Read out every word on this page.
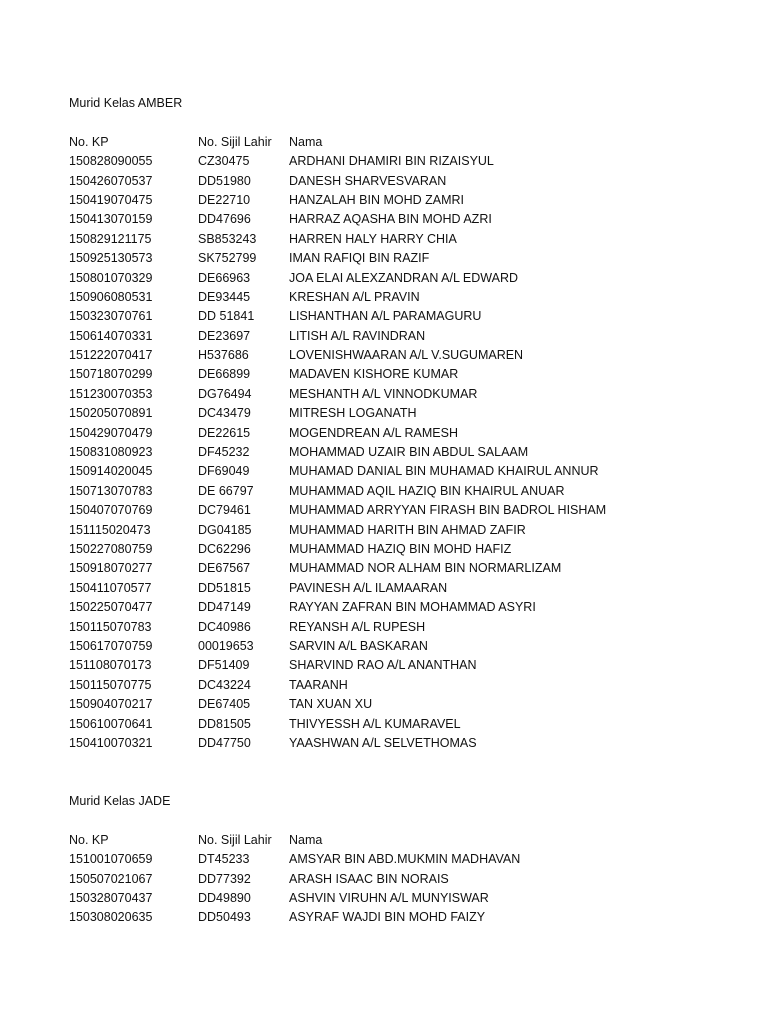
Murid Kelas AMBER
No. KP	No. Sijil Lahir	Nama
150828090055	CZ30475	ARDHANI DHAMIRI BIN RIZAISYUL
150426070537	DD51980	DANESH SHARVESVARAN
150419070475	DE22710	HANZALAH BIN MOHD ZAMRI
150413070159	DD47696	HARRAZ AQASHA BIN MOHD AZRI
150829121175	SB853243	HARREN HALY HARRY CHIA
150925130573	SK752799	IMAN RAFIQI BIN RAZIF
150801070329	DE66963	JOA ELAI ALEXZANDRAN A/L EDWARD
150906080531	DE93445	KRESHAN A/L PRAVIN
150323070761	DD 51841	LISHANTHAN A/L PARAMAGURU
150614070331	DE23697	LITISH A/L RAVINDRAN
151222070417	H537686	LOVENISHWAARAN A/L V.SUGUMAREN
150718070299	DE66899	MADAVEN KISHORE KUMAR
151230070353	DG76494	MESHANTH A/L VINNODKUMAR
150205070891	DC43479	MITRESH LOGANATH
150429070479	DE22615	MOGENDREAN A/L RAMESH
150831080923	DF45232	MOHAMMAD UZAIR BIN ABDUL SALAAM
150914020045	DF69049	MUHAMAD DANIAL BIN MUHAMAD KHAIRUL ANNUR
150713070783	DE 66797	MUHAMMAD AQIL HAZIQ BIN KHAIRUL ANUAR
150407070769	DC79461	MUHAMMAD ARRYYAN FIRASH BIN BADROL HISHAM
151115020473	DG04185	MUHAMMAD HARITH BIN AHMAD ZAFIR
150227080759	DC62296	MUHAMMAD HAZIQ BIN MOHD HAFIZ
150918070277	DE67567	MUHAMMAD NOR ALHAM BIN NORMARLIZAM
150411070577	DD51815	PAVINESH A/L ILAMAARAN
150225070477	DD47149	RAYYAN ZAFRAN BIN MOHAMMAD ASYRI
150115070783	DC40986	REYANSH A/L RUPESH
150617070759	00019653	SARVIN A/L BASKARAN
151108070173	DF51409	SHARVIND RAO A/L ANANTHAN
150115070775	DC43224	TAARANH
150904070217	DE67405	TAN XUAN XU
150610070641	DD81505	THIVYESSH A/L KUMARAVEL
150410070321	DD47750	YAASHWAN A/L SELVETHOMAS
Murid Kelas JADE
No. KP	No. Sijil Lahir	Nama
151001070659	DT45233	AMSYAR BIN ABD.MUKMIN MADHAVAN
150507021067	DD77392	ARASH ISAAC BIN NORAIS
150328070437	DD49890	ASHVIN VIRUHN A/L MUNYISWAR
150308020635	DD50493	ASYRAF WAJDI BIN MOHD FAIZY
